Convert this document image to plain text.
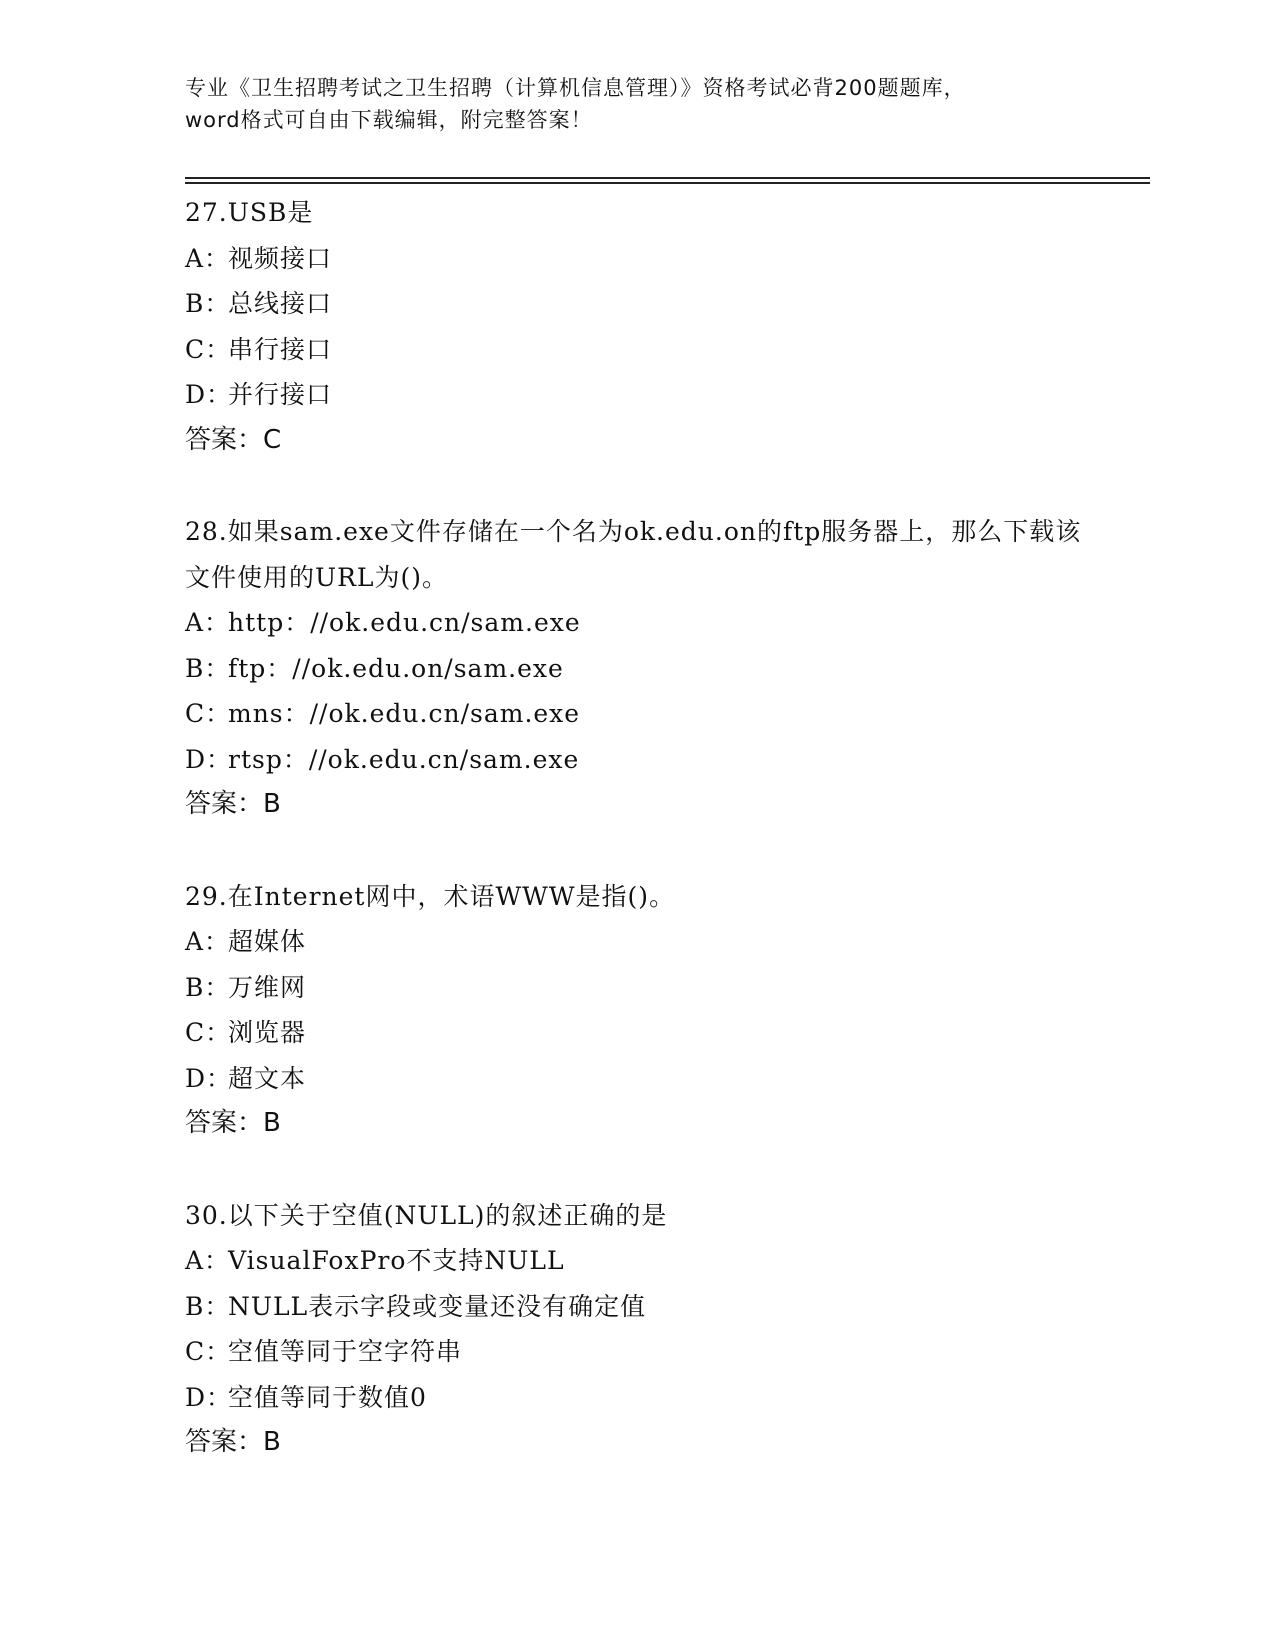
专业《卫生招聘考试之卫生招聘（计算机信息管理）》资格考试必背200题题库，

word格式可自由下载编辑，附完整答案！

27.USB是

A：视频接口

B：总线接口

C：串行接口

D：并行接口

答案：C

28.如果sam.exe文件存储在一个名为ok.edu.on的ftp服务器上，那么下载该文件使用的URL为()。

A：http：//ok.edu.cn/sam.exe

B：ftp：//ok.edu.on/sam.exe

C：mns：//ok.edu.cn/sam.exe

D：rtsp：//ok.edu.cn/sam.exe

答案：B

29.在Internet网中，术语WWW是指()。

A：超媒体

B：万维网

C：浏览器

D：超文本

答案：B

30.以下关于空值(NULL)的叙述正确的是

A：VisualFoxPro不支持NULL

B：NULL表示字段或变量还没有确定值

C：空值等同于空字符串

D：空值等同于数值0

答案：B
